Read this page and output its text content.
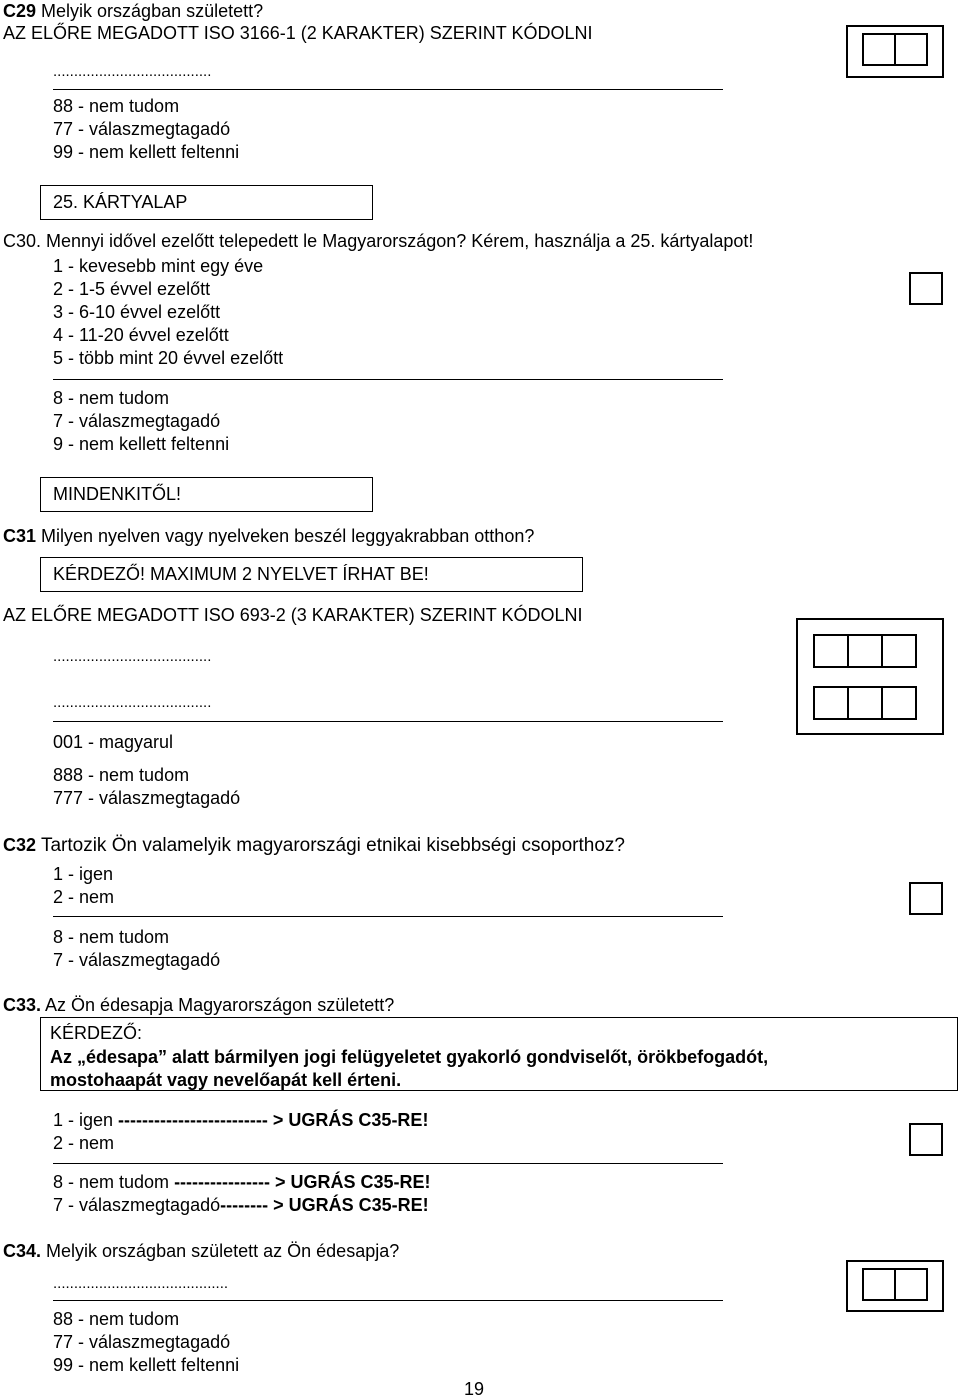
C29 Melyik országban született?
AZ ELŐRE MEGADOTT ISO 3166-1 (2 KARAKTER) SZERINT KÓDOLNI
......................................
88 - nem tudom
77 - válaszmegtagadó
99 - nem kellett feltenni
25. KÁRTYALAP
C30. Mennyi idővel ezelőtt telepedett le Magyarországon? Kérem, használja a 25. kártyalapot!
1 - kevesebb mint egy éve
2 - 1-5 évvel ezelőtt
3 - 6-10 évvel ezelőtt
4 - 11-20 évvel ezelőtt
5 - több mint 20 évvel ezelőtt
8 - nem tudom
7 - válaszmegtagadó
9 - nem kellett feltenni
MINDENKITŐL!
C31 Milyen nyelven vagy nyelveken beszél leggyakrabban otthon?
KÉRDEZŐ! MAXIMUM 2 NYELVET ÍRHAT BE!
AZ ELŐRE MEGADOTT ISO 693-2 (3 KARAKTER) SZERINT KÓDOLNI
......................................
......................................
001 - magyarul
888 - nem tudom
777 - válaszmegtagadó
C32 Tartozik Ön valamelyik magyarországi etnikai kisebbségi csoporthoz?
1 - igen
2 - nem
8 - nem tudom
7 - válaszmegtagadó
C33. Az Ön édesapja Magyarországon született?
KÉRDEZŐ:
Az „édesapa” alatt bármilyen jogi felügyeletet gyakorló gondviselőt, örökbefogadót,
mostohaapát vagy nevelőapát kell érteni.
1 - igen ------------------------- > UGRÁS C35-RE!
2 - nem
8 - nem tudom ---------------- > UGRÁS C35-RE!
7 - válaszmegtagadó-------- > UGRÁS C35-RE!
C34. Melyik országban született az Ön édesapja?
..........................................
88 - nem tudom
77 - válaszmegtagadó
99 - nem kellett feltenni
19
